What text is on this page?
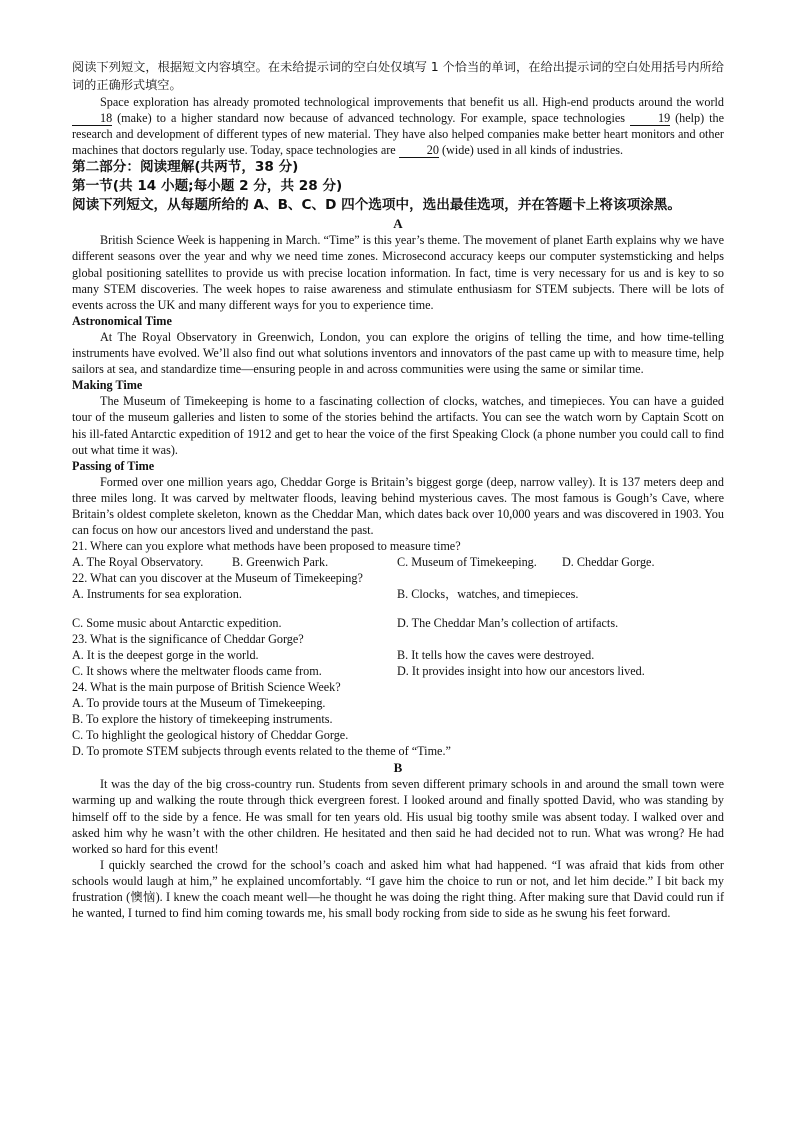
阅读下列短文，根据短文内容填空。在未给提示词的空白处仅填写 1 个恰当的单词，在给出提示词的空白处用括号内所给词的正确形式填空。

Space exploration has already promoted technological improvements that benefit us all. High-end products around the world 18 (make) to a higher standard now because of advanced technology. For example, space technologies 19 (help) the research and development of different types of new material. They have also helped companies make better heart monitors and other machines that doctors regularly use. Today, space technologies are 20 (wide) used in all kinds of industries.

第二部分：阅读理解(共两节，38 分)

第一节(共 14 小题;每小题 2 分，共 28 分)

阅读下列短文，从每题所给的 A、B、C、D 四个选项中，选出最佳选项，并在答题卡上将该项涂黑。

A

British Science Week is happening in March. “Time” is this year’s theme. The movement of planet Earth explains why we have different seasons over the year and why we need time zones. Microsecond accuracy keeps our computer systemsticking and helps global positioning satellites to provide us with precise location information. In fact, time is very necessary for us and is key to so many STEM discoveries. The week hopes to raise awareness and stimulate enthusiasm for STEM subjects. There will be lots of events across the UK and many different ways for you to experience time.

Astronomical Time

At The Royal Observatory in Greenwich, London, you can explore the origins of telling the time, and how time-telling instruments have evolved. We’ll also find out what solutions inventors and innovators of the past came up with to measure time, help sailors at sea, and standardize time—ensuring people in and across communities were using the same or similar time.

Making Time

The Museum of Timekeeping is home to a fascinating collection of clocks, watches, and timepieces. You can have a guided tour of the museum galleries and listen to some of the stories behind the artifacts. You can see the watch worn by Captain Scott on his ill-fated Antarctic expedition of 1912 and get to hear the voice of the first Speaking Clock (a phone number you could call to find out what time it was).

Passing of Time

Formed over one million years ago, Cheddar Gorge is Britain’s biggest gorge (deep, narrow valley). It is 137 meters deep and three miles long. It was carved by meltwater floods, leaving behind mysterious caves. The most famous is Gough’s Cave, where Britain’s oldest complete skeleton, known as the Cheddar Man, which dates back over 10,000 years and was discovered in 1903. You can focus on how our ancestors lived and understand the past.

21. Where can you explore what methods have been proposed to measure time?

A. The Royal Observatory.	B. Greenwich Park.	C. Museum of Timekeeping.	D. Cheddar Gorge.

22. What can you discover at the Museum of Timekeeping?

A. Instruments for sea exploration.	B. Clocks，watches, and timepieces.
C. Some music about Antarctic expedition.	D. The Cheddar Man’s collection of artifacts.

23. What is the significance of Cheddar Gorge?

A. It is the deepest gorge in the world.	B. It tells how the caves were destroyed.
C. It shows where the meltwater floods came from.	D. It provides insight into how our ancestors lived.

24. What is the main purpose of British Science Week?

A. To provide tours at the Museum of Timekeeping.

B. To explore the history of timekeeping instruments.

C. To highlight the geological history of Cheddar Gorge.

D. To promote STEM subjects through events related to the theme of “Time.”

B

It was the day of the big cross-country run. Students from seven different primary schools in and around the small town were warming up and walking the route through thick evergreen forest. I looked around and finally spotted David, who was standing by himself off to the side by a fence. He was small for ten years old. His usual big toothy smile was absent today. I walked over and asked him why he wasn’t with the other children. He hesitated and then said he had decided not to run. What was wrong? He had worked so hard for this event!

I quickly searched the crowd for the school’s coach and asked him what had happened. “I was afraid that kids from other schools would laugh at him,” he explained uncomfortably. “I gave him the choice to run or not, and let him decide.” I bit back my frustration (懊恼). I knew the coach meant well—he thought he was doing the right thing. After making sure that David could run if he wanted, I turned to find him coming towards me, his small body rocking from side to side as he swung his feet forward.
